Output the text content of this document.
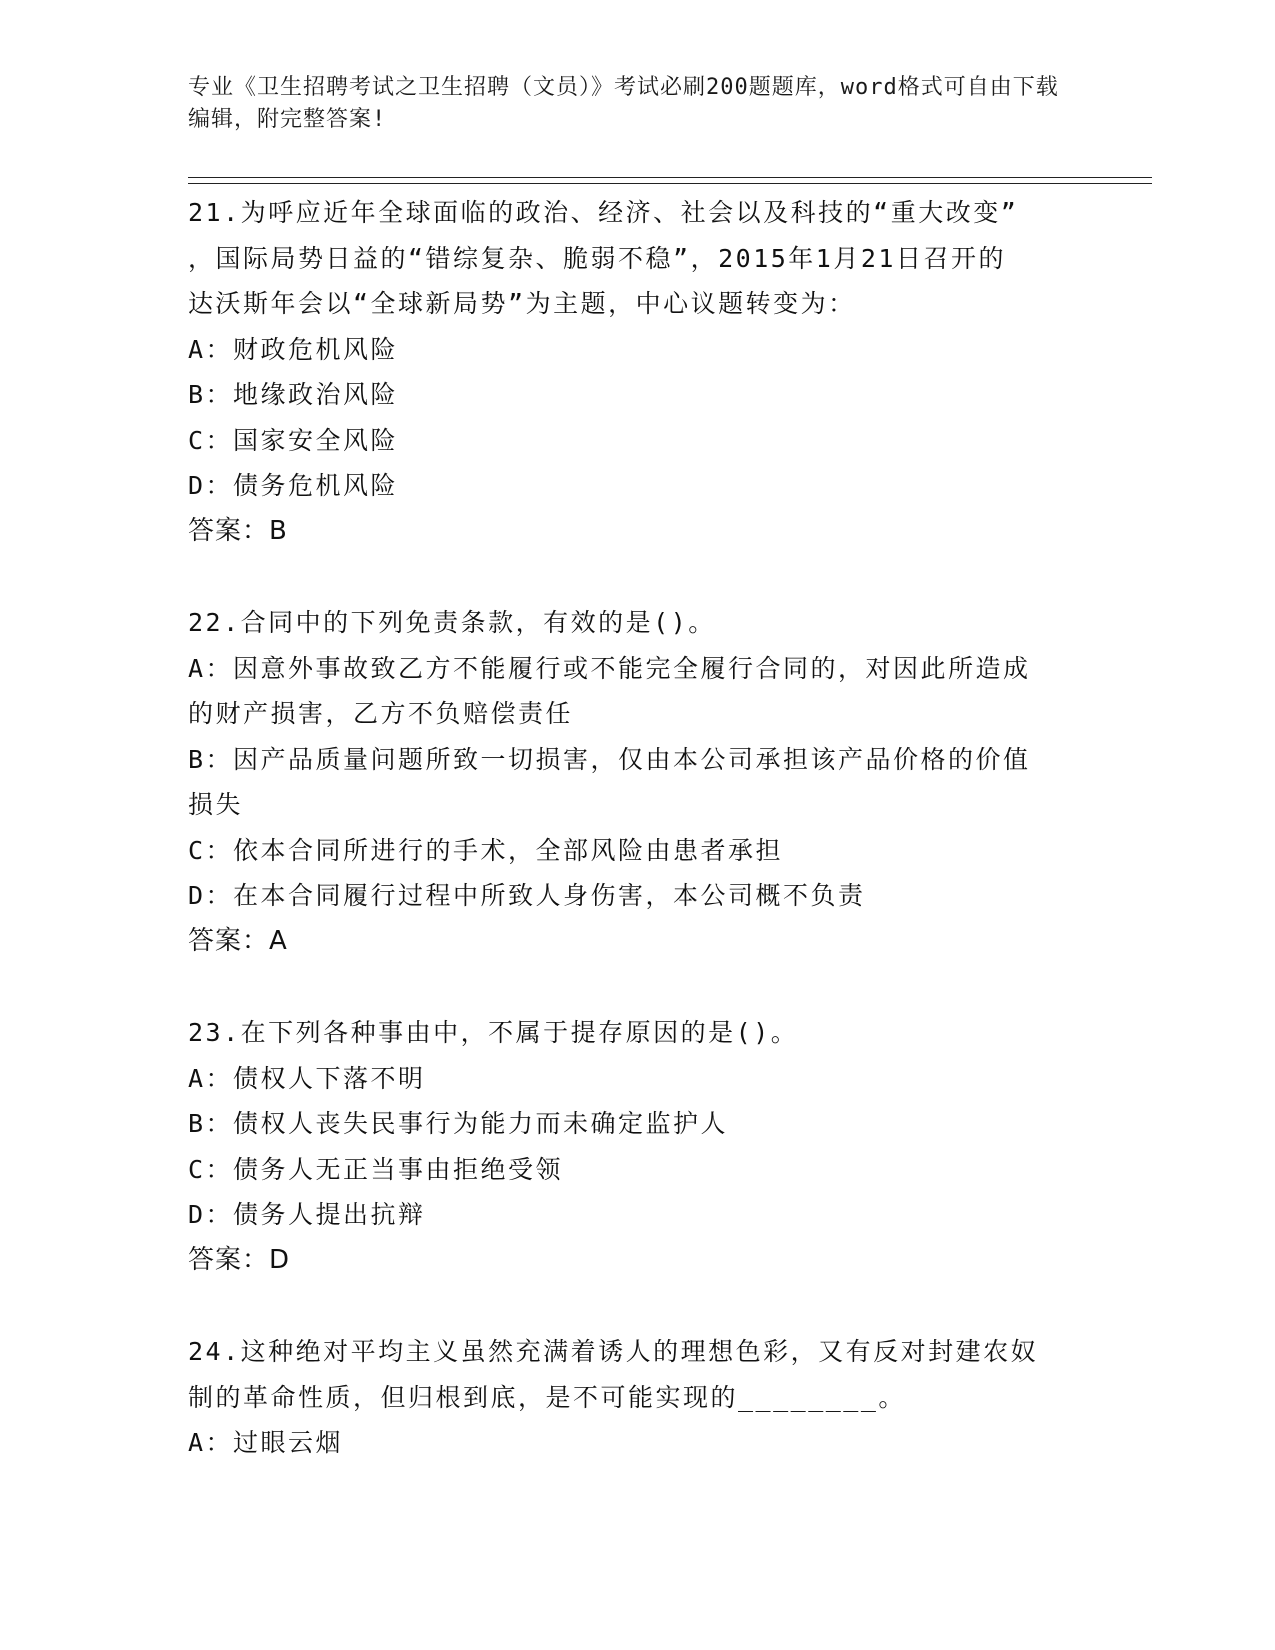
专业《卫生招聘考试之卫生招聘（文员）》考试必刷200题题库，word格式可自由下载编辑，附完整答案!
21.为呼应近年全球面临的政治、经济、社会以及科技的“重大改变”
，国际局势日益的“错综复杂、脆弱不稳”，2015年1月21日召开的
达沃斯年会以“全球新局势”为主题，中心议题转变为：
A：财政危机风险
B：地缘政治风险
C：国家安全风险
D：债务危机风险
答案：B
22.合同中的下列免责条款，有效的是()。
A：因意外事故致乙方不能履行或不能完全履行合同的，对因此所造成
的财产损害，乙方不负赔偿责任
B：因产品质量问题所致一切损害，仅由本公司承担该产品价格的价值
损失
C：依本合同所进行的手术，全部风险由患者承担
D：在本合同履行过程中所致人身伤害，本公司概不负责
答案：A
23.在下列各种事由中，不属于提存原因的是()。
A：债权人下落不明
B：债权人丧失民事行为能力而未确定监护人
C：债务人无正当事由拒绝受领
D：债务人提出抗辩
答案：D
24.这种绝对平均主义虽然充满着诱人的理想色彩，又有反对封建农奴
制的革命性质，但归根到底，是不可能实现的________。
A：过眼云烟
